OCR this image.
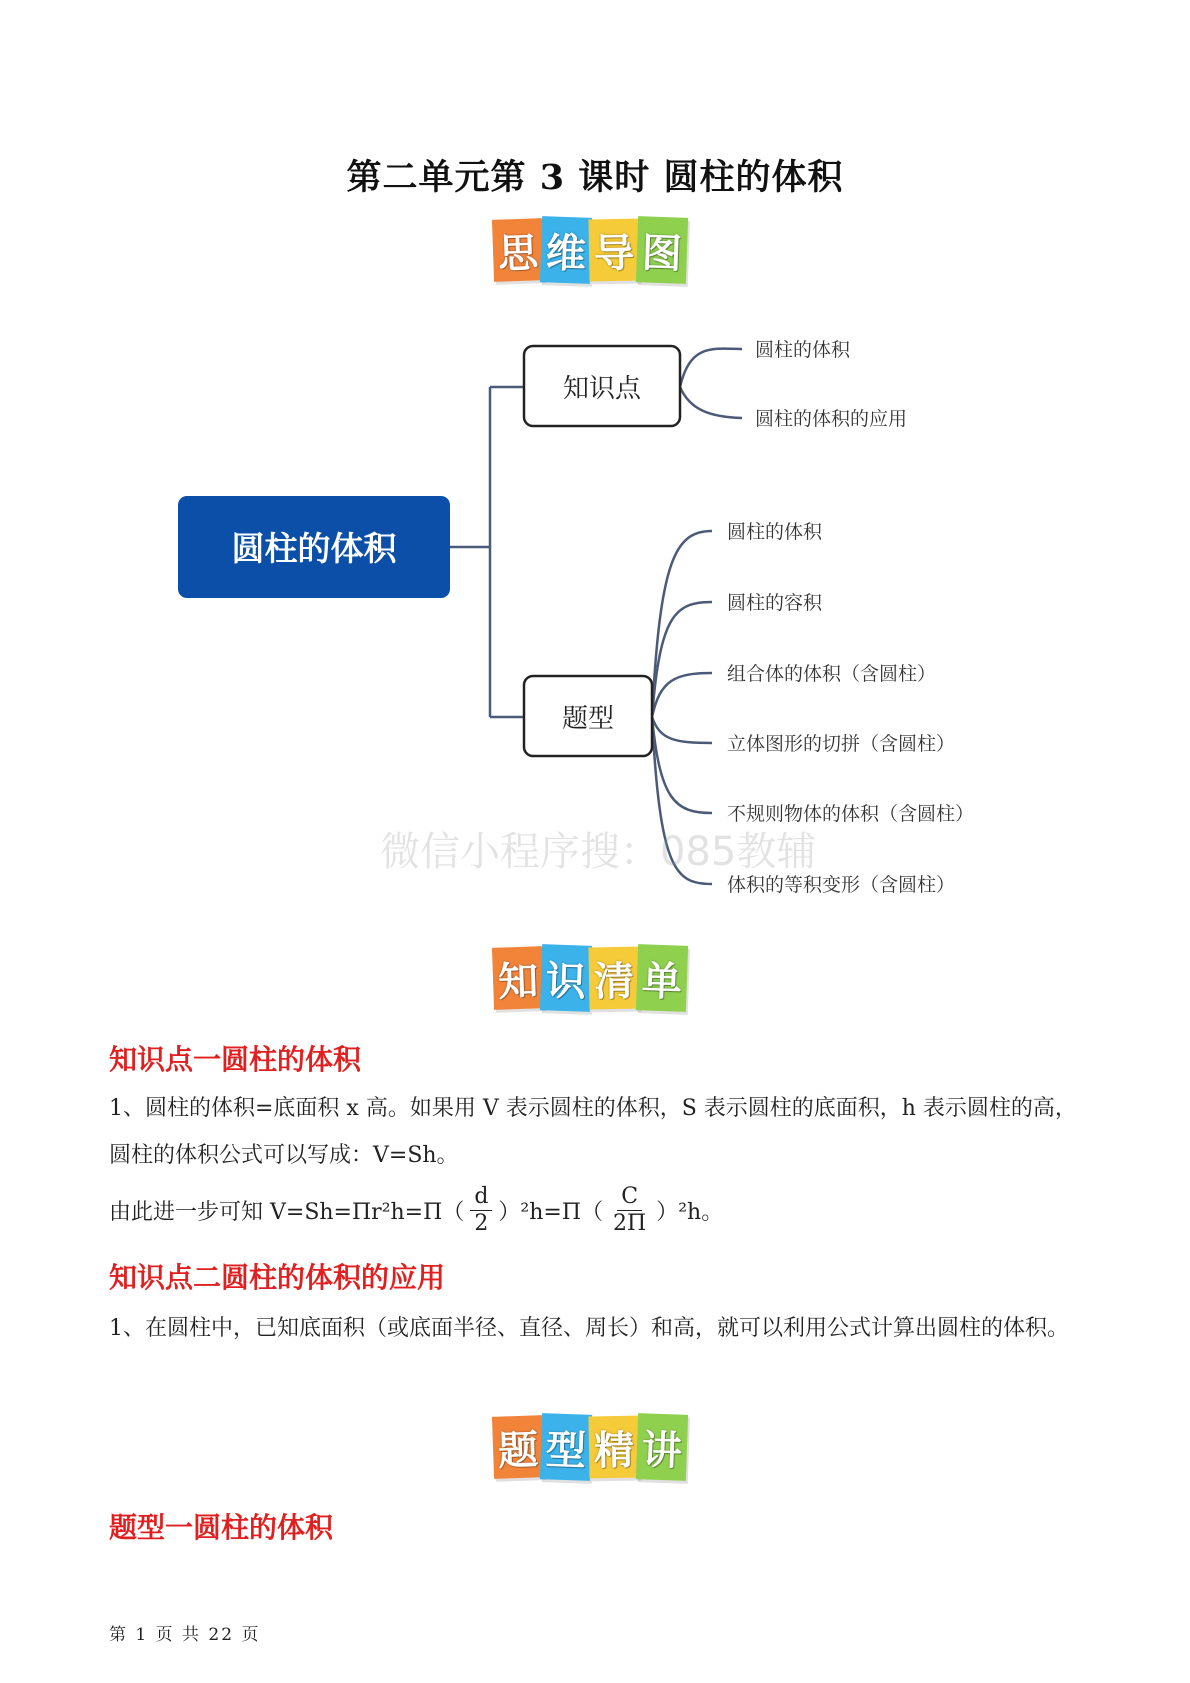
第二单元第 3 课时 圆柱的体积
思 维 导 图
圆柱的体积
知识点
圆柱的体积
圆柱的体积的应用
题型
圆柱的体积
圆柱的容积
组合体的体积（含圆柱）
立体图形的切拼（含圆柱）
不规则物体的体积（含圆柱）
体积的等积变形（含圆柱）
微信小程序搜：085教辅
知 识 清 单
知识点一圆柱的体积
1、圆柱的体积=底面积 x 高。如果用 V 表示圆柱的体积，S 表示圆柱的底面积，h 表示圆柱的高，圆柱的体积公式可以写成：V=Sh。
由此进一步可知 $V=Sh=\Pi r^2h=\Pi( \frac{d}{2} )^2h=\Pi( \frac{C}{2\Pi} )^2h$。
知识点二圆柱的体积的应用
1、在圆柱中，已知底面积（或底面半径、直径、周长）和高，就可以利用公式计算出圆柱的体积。
题 型 精 讲
题型一圆柱的体积
第 1 页 共 22 页
